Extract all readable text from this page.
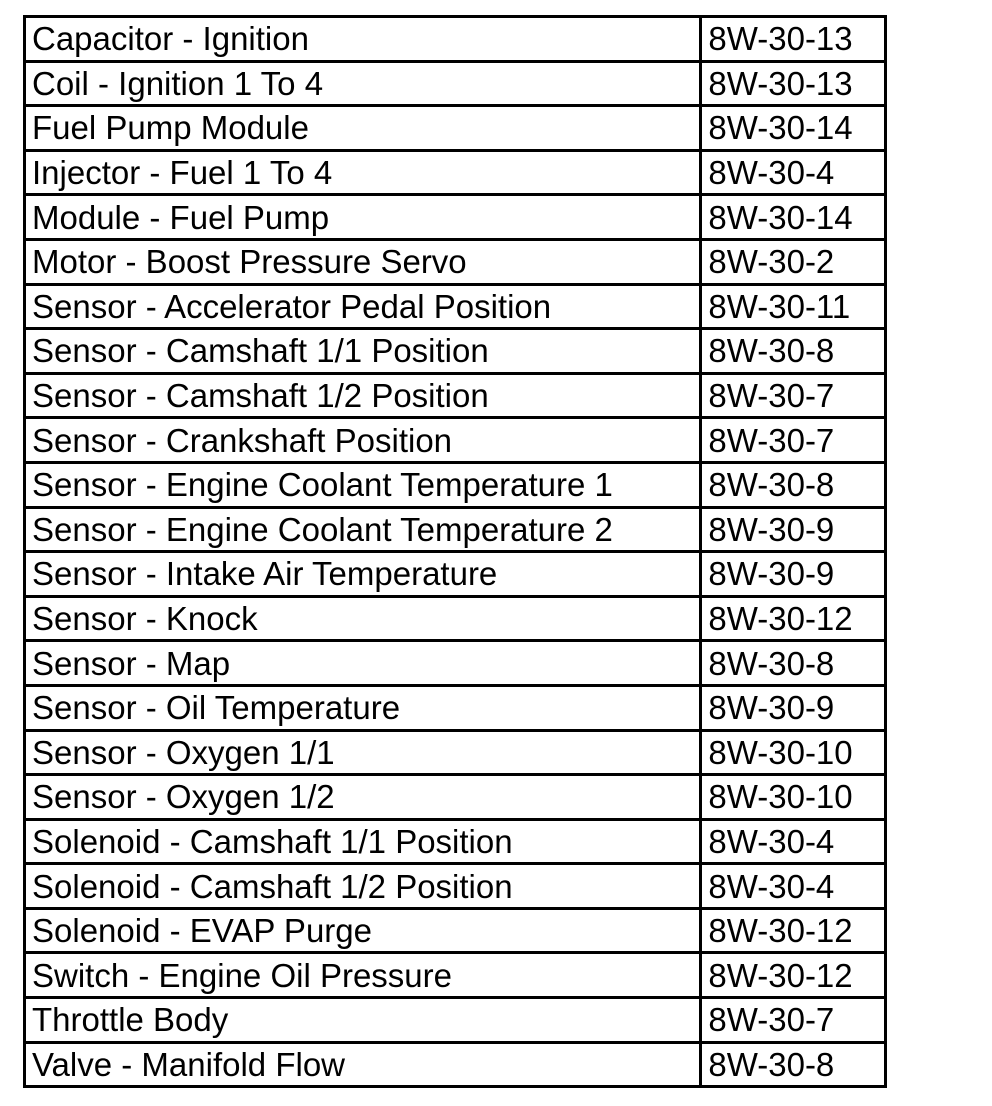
Capacitor - Ignition	8W-30-13
Coil - Ignition 1 To 4	8W-30-13
Fuel Pump Module	8W-30-14
Injector - Fuel 1 To 4	8W-30-4
Module - Fuel Pump	8W-30-14
Motor - Boost Pressure Servo	8W-30-2
Sensor - Accelerator Pedal Position	8W-30-11
Sensor - Camshaft 1/1 Position	8W-30-8
Sensor - Camshaft 1/2 Position	8W-30-7
Sensor - Crankshaft Position	8W-30-7
Sensor - Engine Coolant Temperature 1	8W-30-8
Sensor - Engine Coolant Temperature 2	8W-30-9
Sensor - Intake Air Temperature	8W-30-9
Sensor - Knock	8W-30-12
Sensor - Map	8W-30-8
Sensor - Oil Temperature	8W-30-9
Sensor - Oxygen 1/1	8W-30-10
Sensor - Oxygen 1/2	8W-30-10
Solenoid - Camshaft 1/1 Position	8W-30-4
Solenoid - Camshaft 1/2 Position	8W-30-4
Solenoid - EVAP Purge	8W-30-12
Switch - Engine Oil Pressure	8W-30-12
Throttle Body	8W-30-7
Valve - Manifold Flow	8W-30-8
